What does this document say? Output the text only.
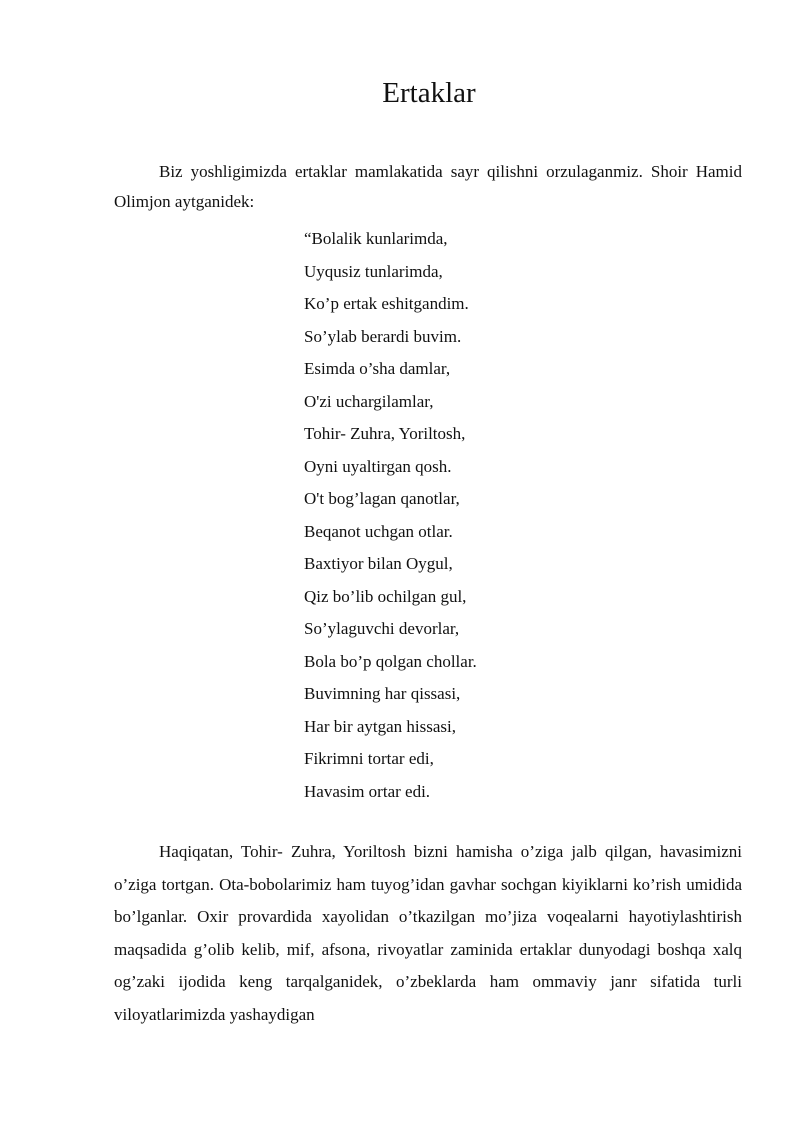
Ertaklar

Biz yoshligimizda ertaklar mamlakatida sayr qilishni orzulaganmiz. Shoir Hamid Olimjon aytganidek:

“Bolalik kunlarimda,
Uyqusiz tunlarimda,
Ko’p ertak eshitgandim.
So’ylab berardi buvim.
Esimda o’sha damlar,
O'zi uchargilamlar,
Tohir- Zuhra, Yoriltosh,
Oyni uyaltirgan qosh.
O't bog’lagan qanotlar,
Beqanot uchgan otlar.
Baxtiyor bilan Oygul,
Qiz bo’lib ochilgan gul,
So’ylaguvchi devorlar,
Bola bo’p qolgan chollar.
Buvimning har qissasi,
Har bir aytgan hissasi,
Fikrimni tortar edi,
Havasim ortar edi.

Haqiqatan, Tohir- Zuhra, Yoriltosh bizni hamisha o’ziga jalb qilgan, havasimizni o’ziga tortgan. Ota-bobolarimiz ham tuyog’idan gavhar sochgan kiyiklarni ko’rish umidida bo’lganlar. Oxir provardida xayolidan o’tkazilgan mo’jiza voqealarni hayotiylashtirish maqsadida g’olib kelib, mif, afsona, rivoyatlar zaminida ertaklar dunyodagi boshqa xalq og’zaki ijodida keng tarqalganidek, o’zbeklarda ham ommaviy janr sifatida turli viloyatlarimizda yashaydigan
